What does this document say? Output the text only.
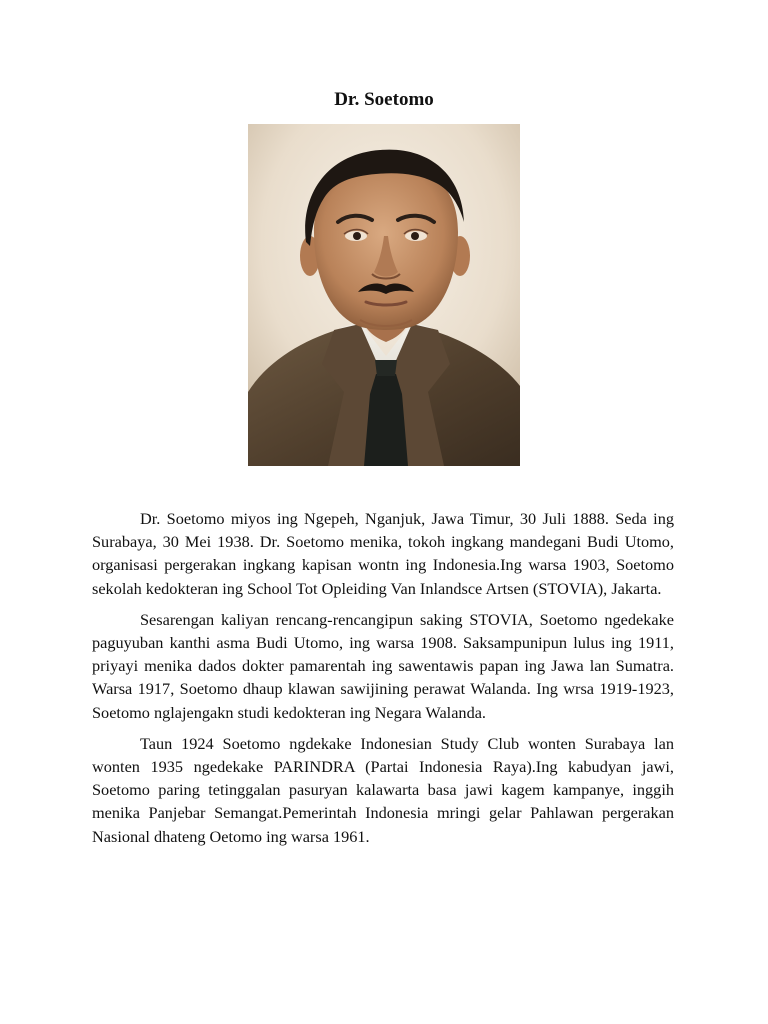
Dr. Soetomo

Dr. Soetomo miyos ing Ngepeh, Nganjuk, Jawa Timur, 30 Juli 1888. Seda ing Surabaya, 30 Mei 1938. Dr. Soetomo menika, tokoh ingkang mandegani Budi Utomo, organisasi pergerakan ingkang kapisan wontn ing Indonesia.Ing warsa 1903, Soetomo sekolah kedokteran ing School Tot Opleiding Van Inlandsce Artsen (STOVIA), Jakarta.

Sesarengan kaliyan rencang-rencangipun saking STOVIA, Soetomo ngedekake paguyuban kanthi asma Budi Utomo, ing warsa 1908. Saksampunipun lulus ing 1911, priyayi menika dados dokter pamarentah ing sawentawis papan ing Jawa lan Sumatra. Warsa 1917, Soetomo dhaup klawan sawijining perawat Walanda. Ing wrsa 1919-1923, Soetomo nglajengakn studi kedokteran ing Negara Walanda.

Taun 1924 Soetomo ngdekake Indonesian Study Club wonten Surabaya lan wonten 1935 ngedekake PARINDRA (Partai Indonesia Raya).Ing kabudyan jawi, Soetomo paring tetinggalan pasuryan kalawarta basa jawi kagem kampanye, inggih menika Panjebar Semangat.Pemerintah Indonesia mringi gelar Pahlawan pergerakan Nasional dhateng Oetomo ing warsa 1961.
